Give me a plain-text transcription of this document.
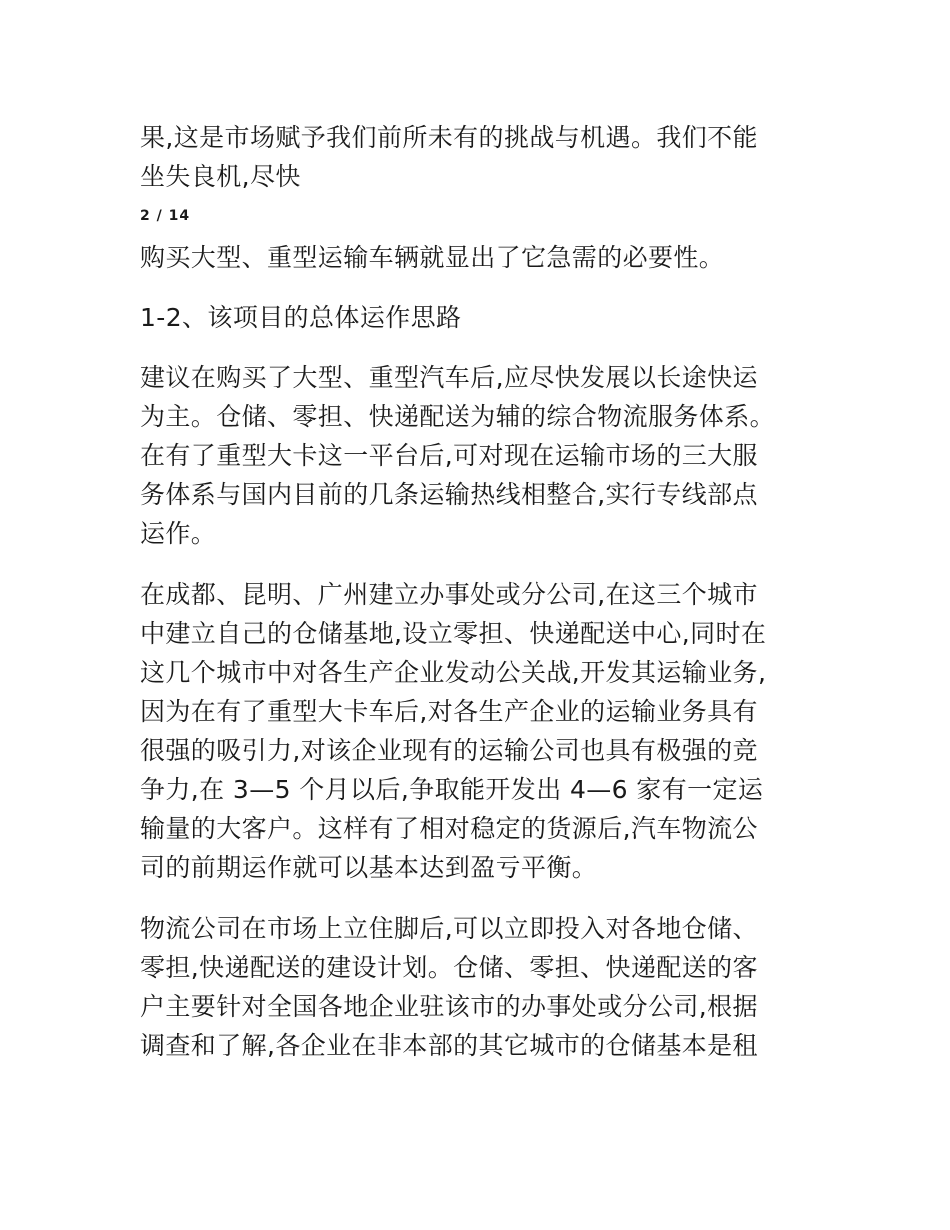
果,这是市场赋予我们前所未有的挑战与机遇。我们不能
坐失良机,尽快
2 / 14
购买大型、重型运输车辆就显出了它急需的必要性。
1-2、该项目的总体运作思路
建议在购买了大型、重型汽车后,应尽快发展以长途快运
为主。仓储、零担、快递配送为辅的综合物流服务体系。
在有了重型大卡这一平台后,可对现在运输市场的三大服
务体系与国内目前的几条运输热线相整合,实行专线部点
运作。
在成都、昆明、广州建立办事处或分公司,在这三个城市
中建立自己的仓储基地,设立零担、快递配送中心,同时在
这几个城市中对各生产企业发动公关战,开发其运输业务,
因为在有了重型大卡车后,对各生产企业的运输业务具有
很强的吸引力,对该企业现有的运输公司也具有极强的竞
争力,在 3—5 个月以后,争取能开发出 4—6 家有一定运
输量的大客户。这样有了相对稳定的货源后,汽车物流公
司的前期运作就可以基本达到盈亏平衡。
物流公司在市场上立住脚后,可以立即投入对各地仓储、
零担,快递配送的建设计划。仓储、零担、快递配送的客
户主要针对全国各地企业驻该市的办事处或分公司,根据
调查和了解,各企业在非本部的其它城市的仓储基本是租
